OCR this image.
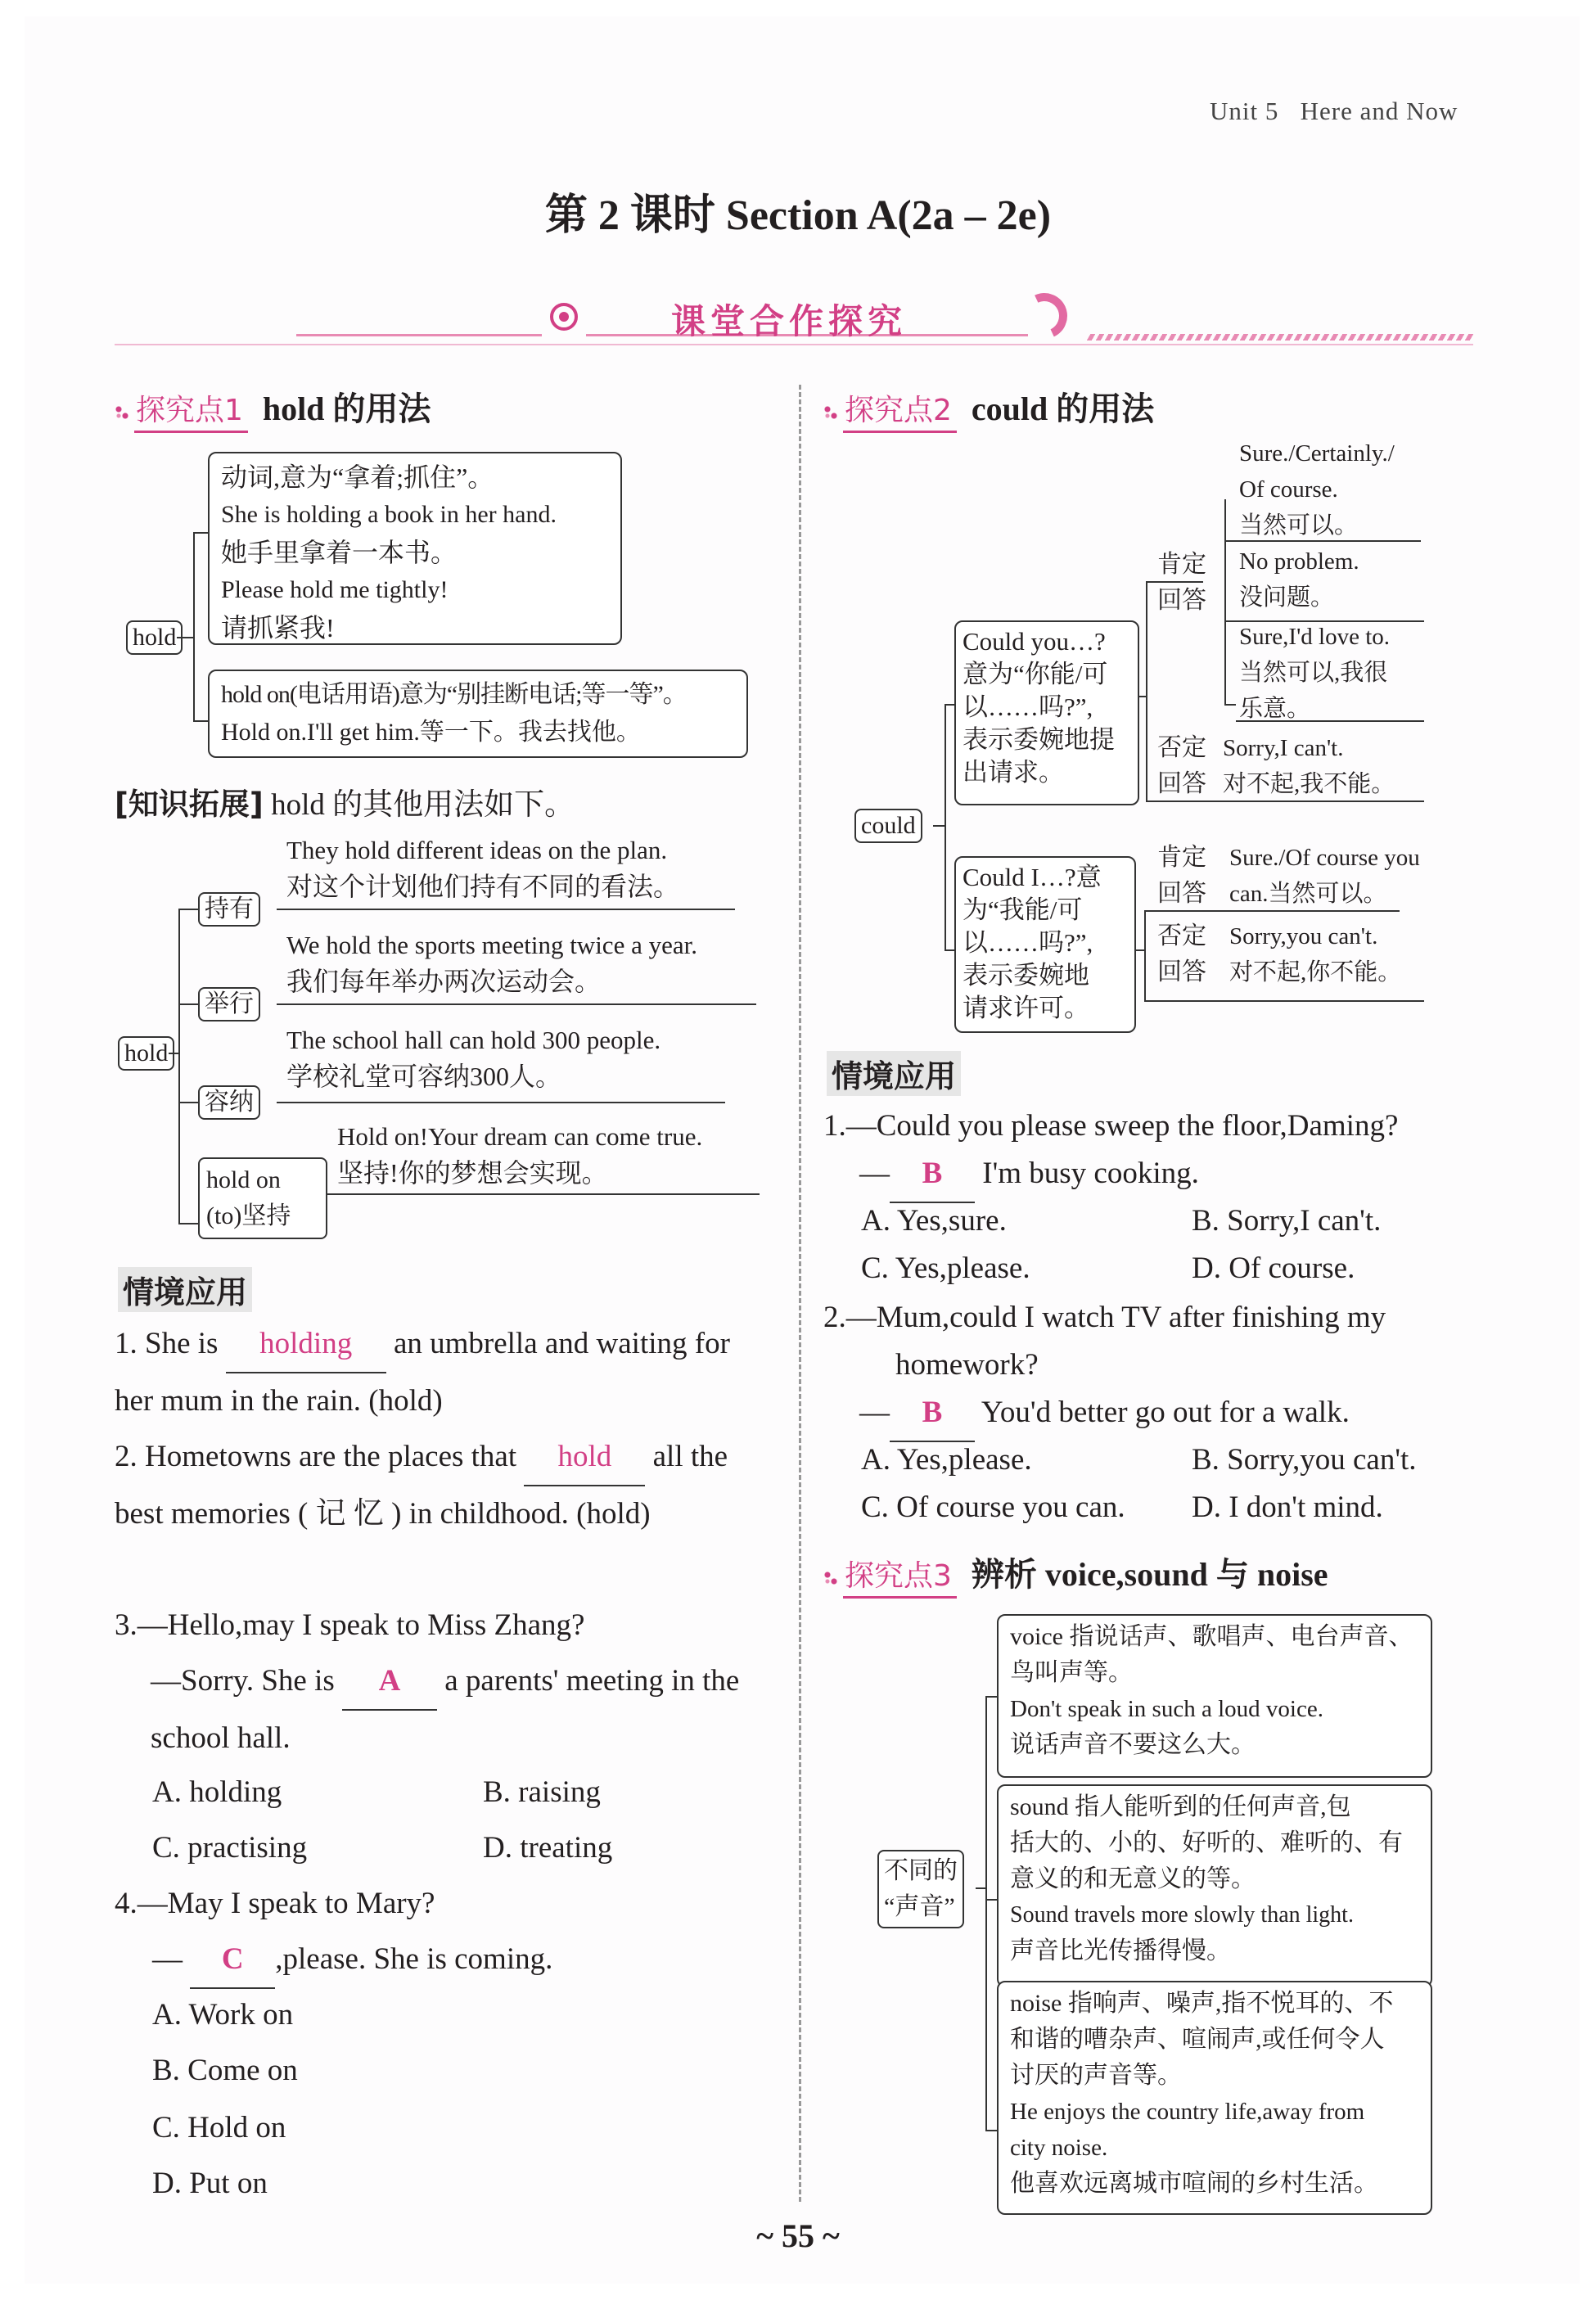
Unit 5 Here and Now
第 2 课时 Section A(2a – 2e)
课堂合作探究
探究点1 hold 的用法
hold
动词,意为“拿着;抓住”。
She is holding a book in her hand.
她手里拿着一本书。
Please hold me tightly!
请抓紧我!
hold on(电话用语)意为“别挂断电话;等一等”。
Hold on.I'll get him.等一下。我去找他。
[知识拓展] hold 的其他用法如下。
hold
持有
They hold different ideas on the plan.
对这个计划他们持有不同的看法。
举行
We hold the sports meeting twice a year.
我们每年举办两次运动会。
容纳
The school hall can hold 300 people.
学校礼堂可容纳300人。
hold on (to)坚持
Hold on!Your dream can come true.
坚持!你的梦想会实现。
情境应用
1. She is holding an umbrella and waiting for her mum in the rain. (hold)
2. Hometowns are the places that hold all the best memories ( 记 忆 ) in childhood. (hold)
3.—Hello,may I speak to Miss Zhang?
—Sorry. She is A a parents' meeting in the school hall.
A. holding	B. raising
C. practising	D. treating
4.—May I speak to Mary?
— C ,please. She is coming.
A. Work on
B. Come on
C. Hold on
D. Put on
探究点2 could 的用法
could
Could you…?
意为“你能/可
以……吗?”,
表示委婉地提
出请求。
Could I…?意
为“我能/可
以……吗?”,
表示委婉地
请求许可。
肯定
回答
Sure./Certainly./
Of course.
当然可以。
No problem.
没问题。
Sure,I'd love to.
当然可以,我很
乐意。
否定
回答
Sorry,I can't.
对不起,我不能。
肯定
回答
Sure./Of course you
can.当然可以。
否定
回答
Sorry,you can't.
对不起,你不能。
情境应用
1.—Could you please sweep the floor,Daming?
— B I'm busy cooking.
A. Yes,sure.	B. Sorry,I can't.
C. Yes,please.	D. Of course.
2.—Mum,could I watch TV after finishing my
homework?
— B You'd better go out for a walk.
A. Yes,please.	B. Sorry,you can't.
C. Of course you can. D. I don't mind.
探究点3 辨析 voice,sound 与 noise
不同的
“声音”
voice 指说话声、歌唱声、电台声音、
鸟叫声等。
Don't speak in such a loud voice.
说话声音不要这么大。
sound 指人能听到的任何声音,包
括大的、小的、好听的、难听的、有
意义的和无意义的等。
Sound travels more slowly than light.
声音比光传播得慢。
noise 指响声、噪声,指不悦耳的、不
和谐的嘈杂声、喧闹声,或任何令人
讨厌的声音等。
He enjoys the country life,away from
city noise.
他喜欢远离城市喧闹的乡村生活。
~ 55 ~
